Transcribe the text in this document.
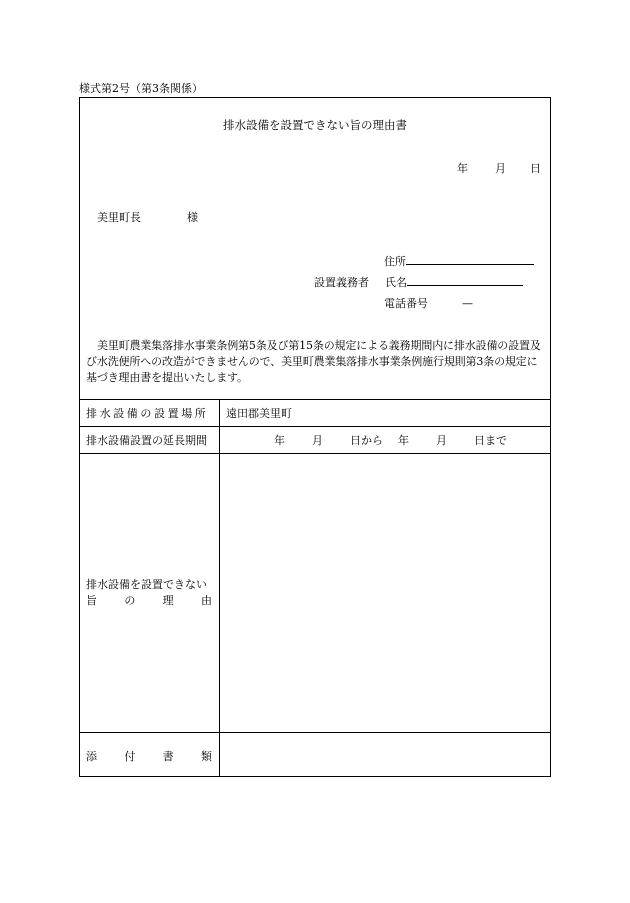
様式第2号（第3条関係）
排水設備を設置できない旨の理由書
年 月 日
美里町長	様
住所
設置義務者 氏名
電話番号	—
美里町農業集落排水事業条例第5条及び第15条の規定による義務期間内に排水設備の設置及び水洗便所への改造ができませんので、美里町農業集落排水事業条例施行規則第3条の規定に基づき理由書を提出いたします。
排水設備の設置場所	遠田郡美里町
排水設備設置の延長期間	年 月 日から 年 月 日まで
排水設備を設置できない
旨 の 理 由
添 付 書 類
